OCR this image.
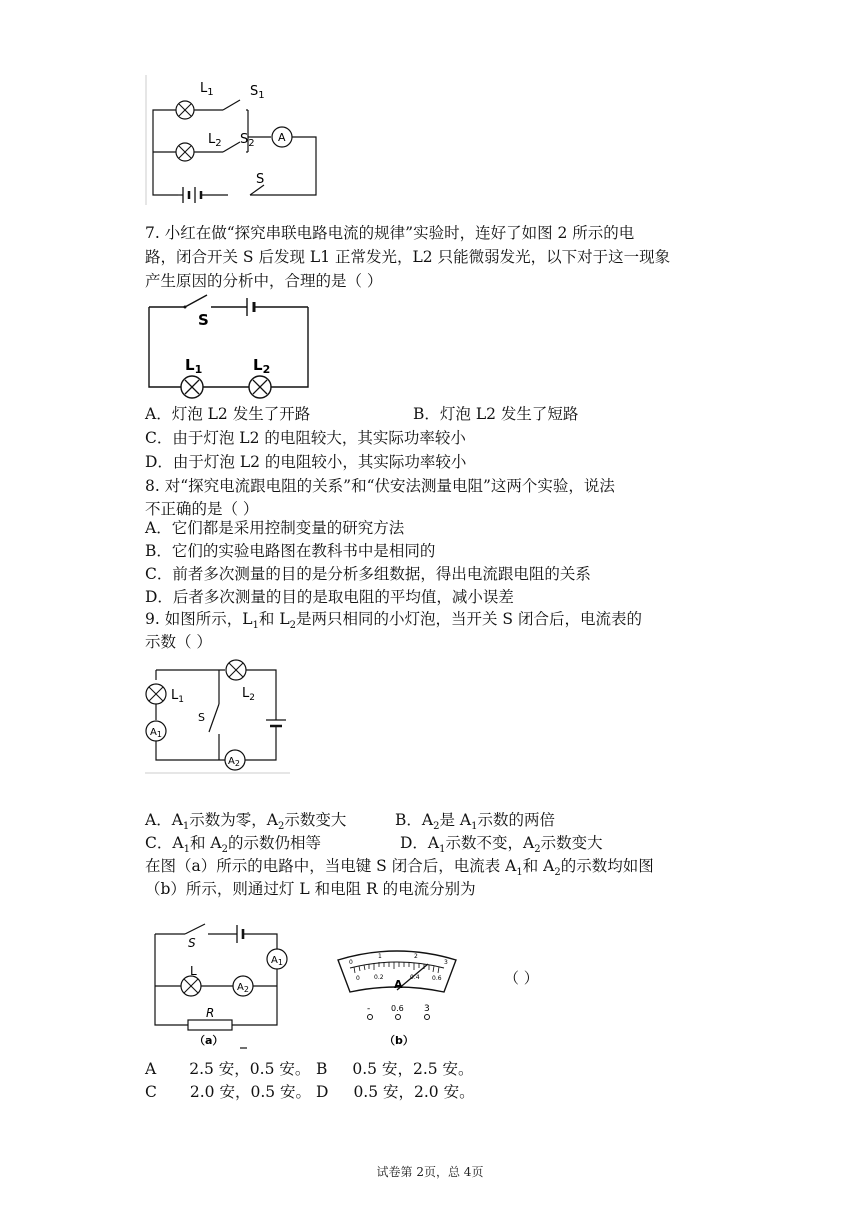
A
$L_1$
$L_2$
$S_1$
$S_2$
S
7. 小红在做“探究串联电路电流的规律”实验时，连好了如图 2 所示的电
路，闭合开关 S 后发现 L1 正常发光，L2 只能微弱发光，以下对于这一现象
产生原因的分析中，合理的是（ ）
S
$L_1$	$L_2$
A．灯泡 L2 发生了开路	B．灯泡 L2 发生了短路
C．由于灯泡 L2 的电阻较大，其实际功率较小
D．由于灯泡 L2 的电阻较小，其实际功率较小
8. 对“探究电流跟电阻的关系”和“伏安法测量电阻”这两个实验，说法
不正确的是（ ）
A．它们都是采用控制变量的研究方法
B．它们的实验电路图在教科书中是相同的
C．前者多次测量的目的是分析多组数据，得出电流跟电阻的关系
D．后者多次测量的目的是取电阻的平均值，减小误差
9. 如图所示，$L_1$和 $L_2$是两只相同的小灯泡，当开关 S 闭合后，电流表的
示数（ ）
$A_1$
$A_2$
$L_1$	$L_2$
S
A．$A_1$示数为零，$A_2$示数变大	B．$A_2$是 $A_1$示数的两倍
C．$A_1$和 $A_2$的示数仍相等	D．$A_1$示数不变，$A_2$示数变大
在图（a）所示的电路中，当电键 S 闭合后，电流表 $A_1$和 $A_2$的示数均如图
（b）所示，则通过灯 L 和电阻 R 的电流分别为
$A_1$
$A_2$
S
L
R
（a）
A
0
1	2
3
0 0.2	0.4 0.6
-	0.6 3
（b）
（ ）
A 2.5 安，0.5 安。 B 0.5 安，2.5 安。
C 2.0 安，0.5 安。 D 0.5 安，2.0 安。
试卷第 2页，总 4页
